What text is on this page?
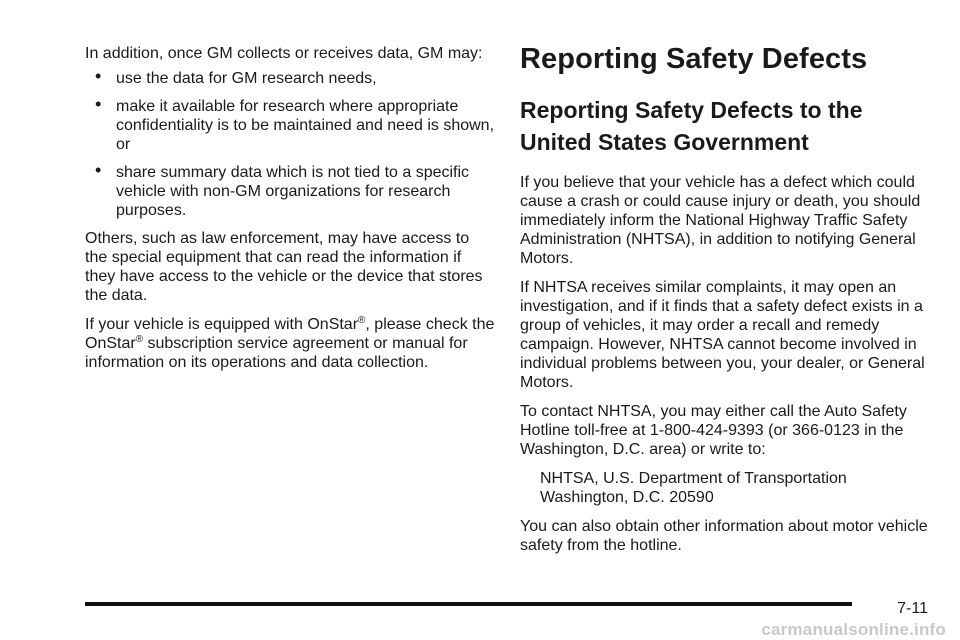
In addition, once GM collects or receives data, GM may:

• use the data for GM research needs,
• make it available for research where appropriate confidentiality is to be maintained and need is shown, or
• share summary data which is not tied to a specific vehicle with non-GM organizations for research purposes.

Others, such as law enforcement, may have access to the special equipment that can read the information if they have access to the vehicle or the device that stores the data.

If your vehicle is equipped with OnStar®, please check the OnStar® subscription service agreement or manual for information on its operations and data collection.

Reporting Safety Defects
Reporting Safety Defects to the United States Government

If you believe that your vehicle has a defect which could cause a crash or could cause injury or death, you should immediately inform the National Highway Traffic Safety Administration (NHTSA), in addition to notifying General Motors.

If NHTSA receives similar complaints, it may open an investigation, and if it finds that a safety defect exists in a group of vehicles, it may order a recall and remedy campaign. However, NHTSA cannot become involved in individual problems between you, your dealer, or General Motors.

To contact NHTSA, you may either call the Auto Safety Hotline toll-free at 1-800-424-9393 (or 366-0123 in the Washington, D.C. area) or write to:

NHTSA, U.S. Department of Transportation
Washington, D.C. 20590

You can also obtain other information about motor vehicle safety from the hotline.

7-11
carmanualsonline.info
